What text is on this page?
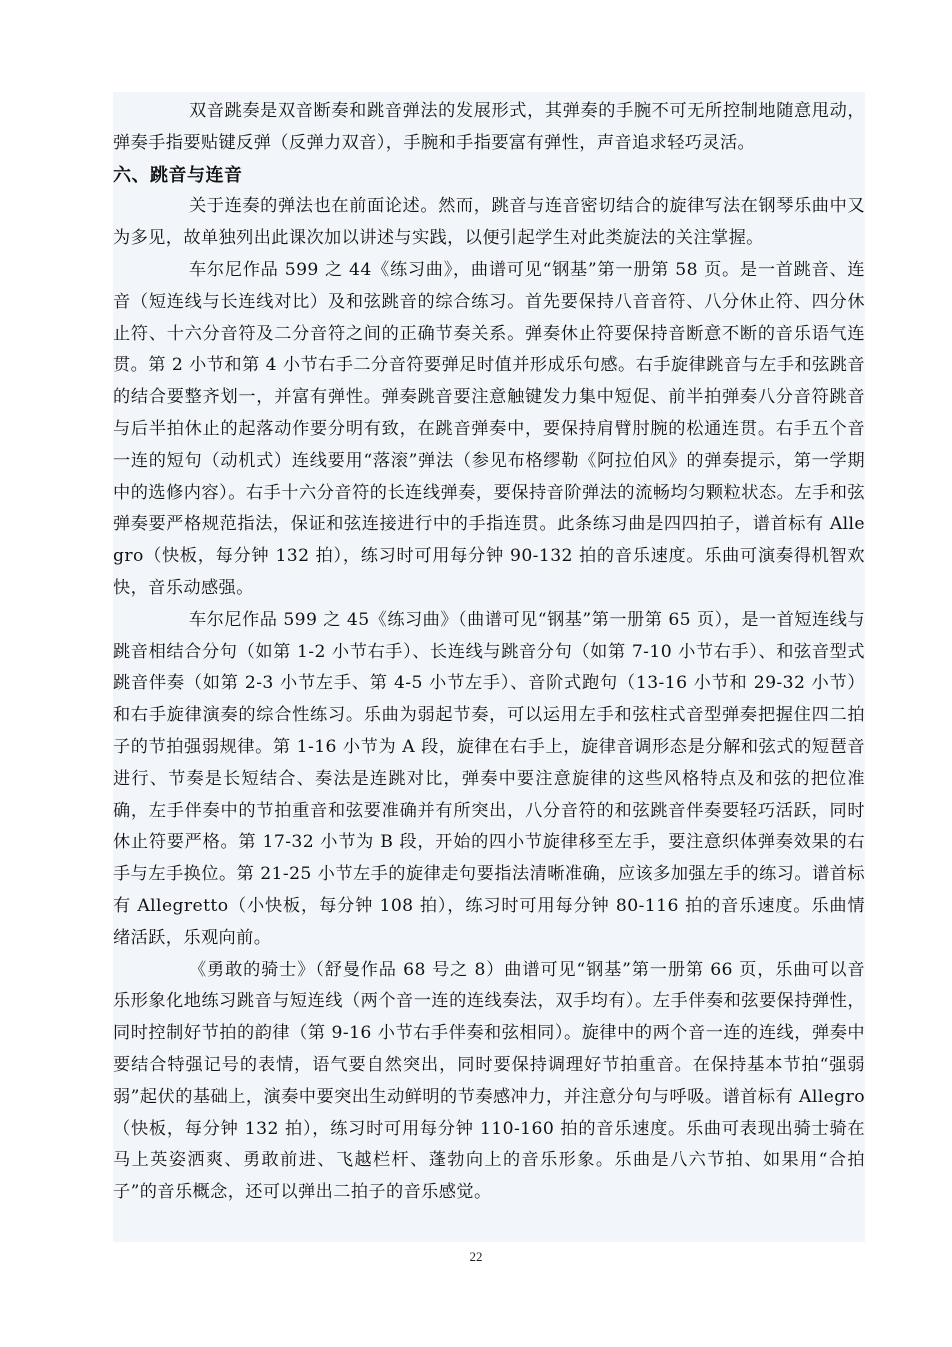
双音跳奏是双音断奏和跳音弹法的发展形式，其弹奏的手腕不可无所控制地随意甩动，弹奏手指要贴键反弹（反弹力双音），手腕和手指要富有弹性，声音追求轻巧灵活。

六、跳音与连音

关于连奏的弹法也在前面论述。然而，跳音与连音密切结合的旋律写法在钢琴乐曲中又为多见，故单独列出此课次加以讲述与实践，以便引起学生对此类旋法的关注掌握。

车尔尼作品 599 之 44《练习曲》，曲谱可见“钢基”第一册第 58 页。是一首跳音、连音（短连线与长连线对比）及和弦跳音的综合练习。首先要保持八音音符、八分休止符、四分休止符、十六分音符及二分音符之间的正确节奏关系。弹奏休止符要保持音断意不断的音乐语气连贯。第 2 小节和第 4 小节右手二分音符要弹足时值并形成乐句感。右手旋律跳音与左手和弦跳音的结合要整齐划一，并富有弹性。弹奏跳音要注意触键发力集中短促、前半拍弹奏八分音符跳音与后半拍休止的起落动作要分明有致，在跳音弹奏中，要保持肩臂肘腕的松通连贯。右手五个音一连的短句（动机式）连线要用“落滚”弹法（参见布格缪勒《阿拉伯风》的弹奏提示，第一学期中的选修内容）。右手十六分音符的长连线弹奏，要保持音阶弹法的流畅均匀颗粒状态。左手和弦弹奏要严格规范指法，保证和弦连接进行中的手指连贯。此条练习曲是四四拍子，谱首标有 Allegro（快板，每分钟 132 拍），练习时可用每分钟 90-132 拍的音乐速度。乐曲可演奏得机智欢快，音乐动感强。

车尔尼作品 599 之 45《练习曲》（曲谱可见“钢基”第一册第 65 页），是一首短连线与跳音相结合分句（如第 1-2 小节右手）、长连线与跳音分句（如第 7-10 小节右手）、和弦音型式跳音伴奏（如第 2-3 小节左手、第 4-5 小节左手）、音阶式跑句（13-16 小节和 29-32 小节）和右手旋律演奏的综合性练习。乐曲为弱起节奏，可以运用左手和弦柱式音型弹奏把握住四二拍子的节拍强弱规律。第 1-16 小节为 A 段，旋律在右手上，旋律音调形态是分解和弦式的短琶音进行、节奏是长短结合、奏法是连跳对比，弹奏中要注意旋律的这些风格特点及和弦的把位准确，左手伴奏中的节拍重音和弦要准确并有所突出，八分音符的和弦跳音伴奏要轻巧活跃，同时休止符要严格。第 17-32 小节为 B 段，开始的四小节旋律移至左手，要注意织体弹奏效果的右手与左手换位。第 21-25 小节左手的旋律走句要指法清晰准确，应该多加强左手的练习。谱首标有 Allegretto（小快板，每分钟 108 拍），练习时可用每分钟 80-116 拍的音乐速度。乐曲情绪活跃，乐观向前。

《勇敢的骑士》（舒曼作品 68 号之 8）曲谱可见“钢基”第一册第 66 页，乐曲可以音乐形象化地练习跳音与短连线（两个音一连的连线奏法，双手均有）。左手伴奏和弦要保持弹性，同时控制好节拍的韵律（第 9-16 小节右手伴奏和弦相同）。旋律中的两个音一连的连线，弹奏中要结合特强记号的表情，语气要自然突出，同时要保持调理好节拍重音。在保持基本节拍“强弱弱”起伏的基础上，演奏中要突出生动鲜明的节奏感冲力，并注意分句与呼吸。谱首标有 Allegro（快板，每分钟 132 拍），练习时可用每分钟 110-160 拍的音乐速度。乐曲可表现出骑士骑在马上英姿洒爽、勇敢前进、飞越栏杆、蓬勃向上的音乐形象。乐曲是八六节拍、如果用“合拍子”的音乐概念，还可以弹出二拍子的音乐感觉。

22
